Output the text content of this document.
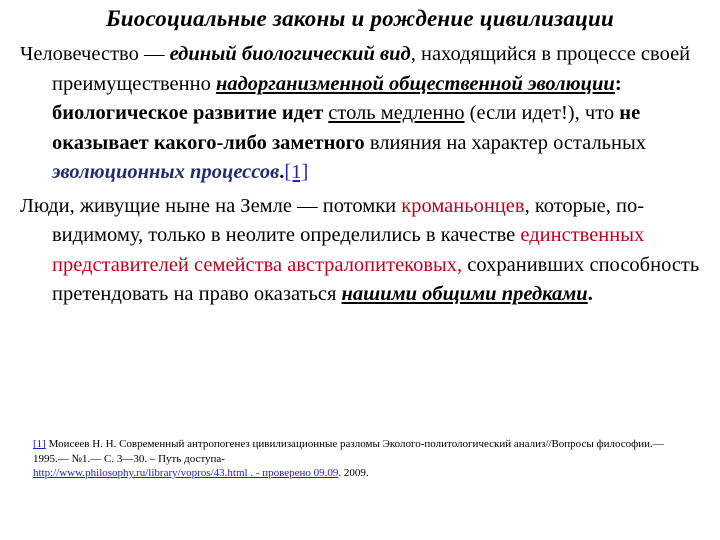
Биосоциальные законы и рождение цивилизации

Человечество — единый биологический вид, находящийся в процессе своей преимущественно надорганизменной общественной эволюции: биологическое развитие идет столь медленно (если идет!), что не оказывает какого-либо заметного влияния на характер остальных эволюционных процессов.[1]

Люди, живущие ныне на Земле — потомки кроманьонцев, которые, по-видимому, только в неолите определились в качестве единственных представителей семейства австралопитековых, сохранивших способность претендовать на право оказаться нашими общими предками.

[1] Моисеев Н. Н. Современный антропогенез цивилизационные разломы Эколого-политологический анализ//Вопросы философии.— 1995.— №1.— С. 3—30. – Путь доступа-
http://www.philosophy.ru/library/vopros/43.html . - проверено 09.09. 2009.
